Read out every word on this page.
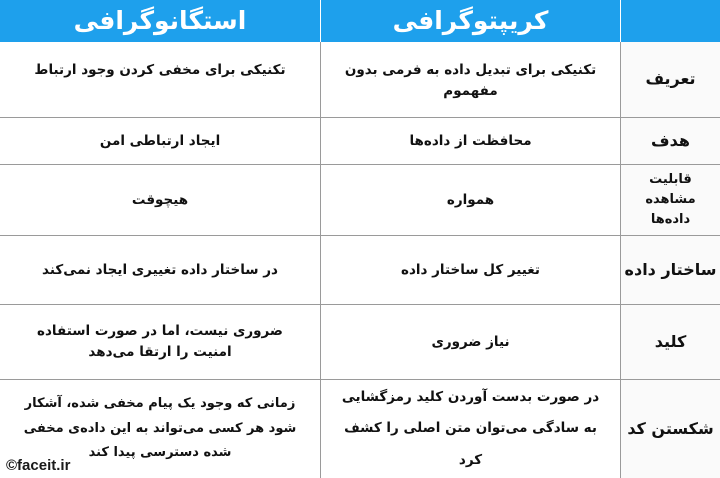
کریپتوگرافی
استگانوگرافی
تعریف
تکنیکی برای تبدیل داده به فرمی بدون مفهموم
تکنیکی برای مخفی کردن وجود ارتباط
هدف
محافظت از داده‌ها
ایجاد ارتباطی امن
قابلیت مشاهده داده‌ها
همواره
هیچوقت
ساختار داده
تغییر کل ساختار داده
در ساختار داده تغییری ایجاد نمی‌کند
کلید
نیاز ضروری
ضروری نیست، اما در صورت استفاده امنیت را ارتقا می‌دهد
شکستن کد
در صورت بدست آوردن کلید رمزگشایی به سادگی می‌توان متن اصلی را کشف کرد
زمانی که وجود یک پیام مخفی شده، آشکار شود هر کسی می‌تواند به این داده‌ی مخفی شده دسترسی پیدا کند
©faceit.ir
